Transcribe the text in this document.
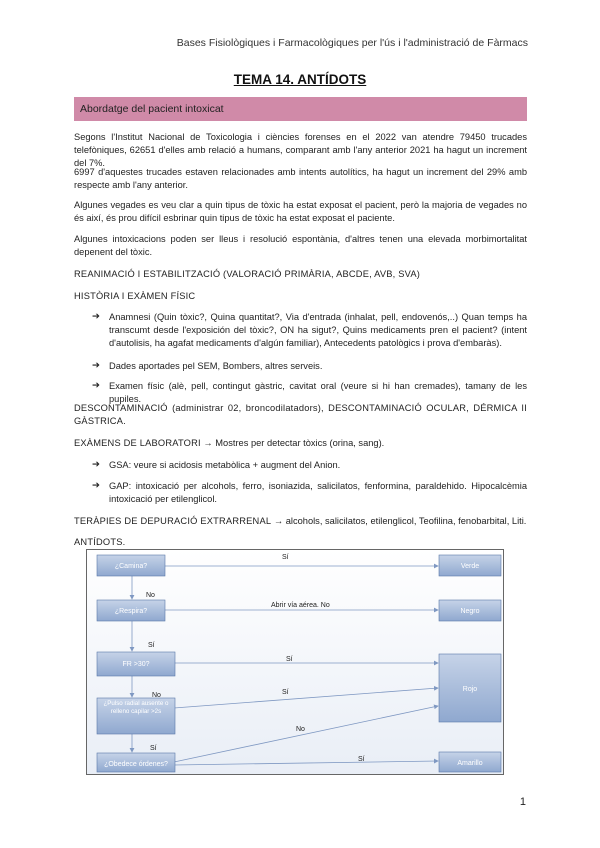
Bases Fisiològiques i Farmacològiques per l'ús i l'administració de Fàrmacs
TEMA 14. ANTÍDOTS
Abordatge del pacient intoxicat
Segons l'Institut Nacional de Toxicologia i ciències forenses en el 2022 van atendre 79450 trucades telefòniques, 62651 d'elles amb relació a humans, comparant amb l'any anterior 2021 ha hagut un increment del 7%.
6997 d'aquestes trucades estaven relacionades amb intents autolítics, ha hagut un increment del 29% amb respecte amb l'any anterior.
Algunes vegades es veu clar a quin tipus de tòxic ha estat exposat el pacient, però la majoria de vegades no és així, és prou difícil esbrinar quin tipus de tòxic ha estat exposat el paciente.
Algunes intoxicacions poden ser lleus i resolució espontània, d'altres tenen una elevada morbimortalitat depenent del tòxic.
REANIMACIÓ I ESTABILITZACIÓ (VALORACIÓ PRIMÀRIA, ABCDE, AVB, SVA)
HISTÒRIA I EXÀMEN FÍSIC
➔ Anamnesi (Quin tòxic?, Quina quantitat?, Via d'entrada (inhalat, pell, endovenós,..) Quan temps ha transcumt desde l'exposición del tòxic?, ON ha sigut?, Quins medicaments pren el pacient? (intent d'autolisis, ha agafat medicaments d'algún familiar), Antecedents patològics i prova d'embaràs).
➔ Dades aportades pel SEM, Bombers, altres serveis.
➔ Examen físic (alè, pell, contingut gàstric, cavitat oral (veure si hi han cremades), tamany de les pupiles.
DESCONTAMINACIÓ (administrar 02, broncodilatadors), DESCONTAMINACIÓ OCULAR, DÉRMICA II GÀSTRICA.
EXÀMENS DE LABORATORI → Mostres per detectar tòxics (orina, sang).
➔ GSA: veure si acidosis metabòlica + augment del Anion.
➔ GAP: intoxicació per alcohols, ferro, isoniazida, salicilatos, fenformina, paraldehido. Hipocalcèmia intoxicació per etilenglicol.
TERÀPIES DE DEPURACIÓ EXTRARRENAL → alcohols, salicilatos, etilenglicol, Teofilina, fenobarbital, Liti.
ANTÍDOTS.
¿Camina?
¿Respira?
FR >30?
¿Pulso radial ausente o relleno capilar >2s
¿Obedece órdenes?
Verde
Negro
Rojo
Amarillo
Sí
No
Abrir vía aérea. No
Sí
Sí
No	Sí
No
Sí
Sí
1
